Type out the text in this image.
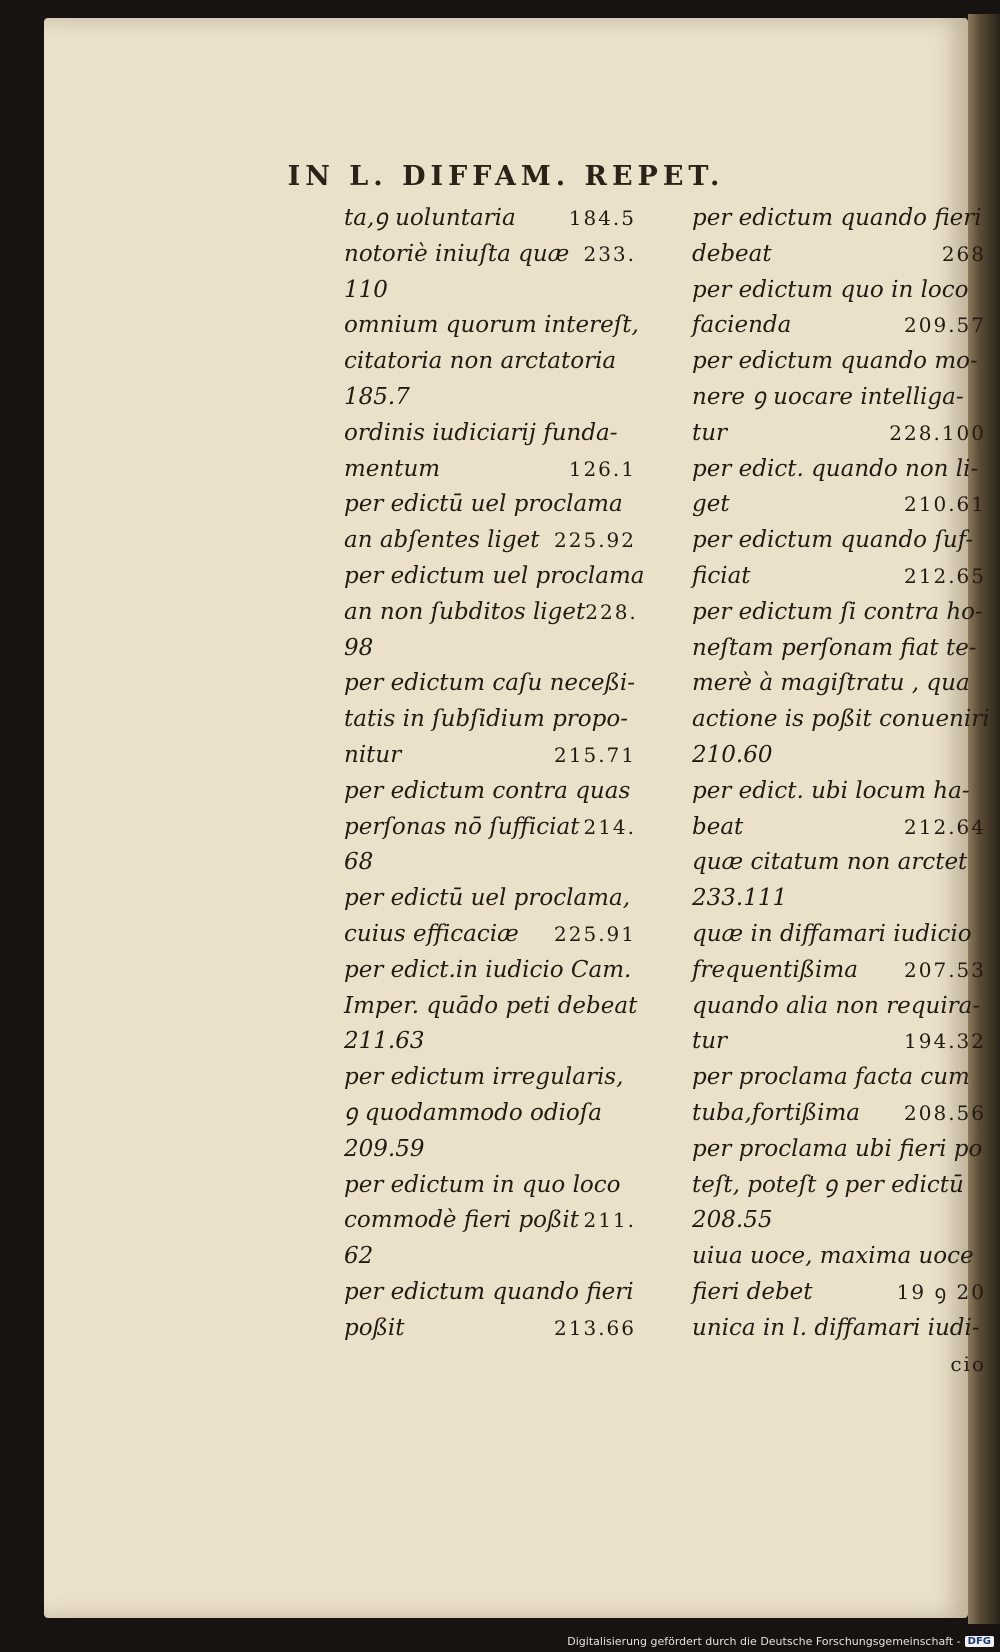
IN L. DIFFAM. REPET.
ta,ꝯ uoluntaria	184.5
notoriè iniuſta quæ 233.
110
omnium quorum intereſt,
citatoria non arctatoria
185.7
ordinis iudiciarij funda-
mentum	126.1
per edictū uel proclama
an abſentes liget 225.92
per edictum uel proclama
an non ſubditos liget 228.
98
per edictum caſu neceßi-
tatis in ſubſidium propo-
nitur	215.71
per edictum contra quas
perſonas nō ſufficiat 214.
68
per edictū uel proclama,
cuius efficaciæ 225.91
per edict.in iudicio Cam.
Imper. quādo peti debeat
211.63
per edictum irregularis,
ꝯ quodammodo odioſa
209.59
per edictum in quo loco
commodè fieri poßit 211.
62
per edictum quando fieri
poßit	213.66
per edictum quando fieri
debeat	268
per edictum quo in loco
facienda	209.57
per edictum quando mo-
nere ꝯ uocare intelliga-
tur	228.100
per edict. quando non li-
get	210.61
per edictum quando ſuf-
ficiat	212.65
per edictum ſi contra ho-
neſtam perſonam fiat te-
merè à magiſtratu , qua
actione is poßit conueniri
210.60
per edict. ubi locum ha-
beat	212.64
quæ citatum non arctet
233.111
quæ in diffamari iudicio
frequentißima 207.53
quando alia non requira-
tur	194.32
per proclama facta cum
tuba,fortißima 208.56
per proclama ubi fieri po
teſt, poteſt ꝯ per edictū
208.55
uiua uoce, maxima uoce
fieri debet	19 ꝯ 20
unica in l. diffamari iudi-
cio
Digitalisierung gefördert durch die Deutsche Forschungsgemeinschaft - DFG
